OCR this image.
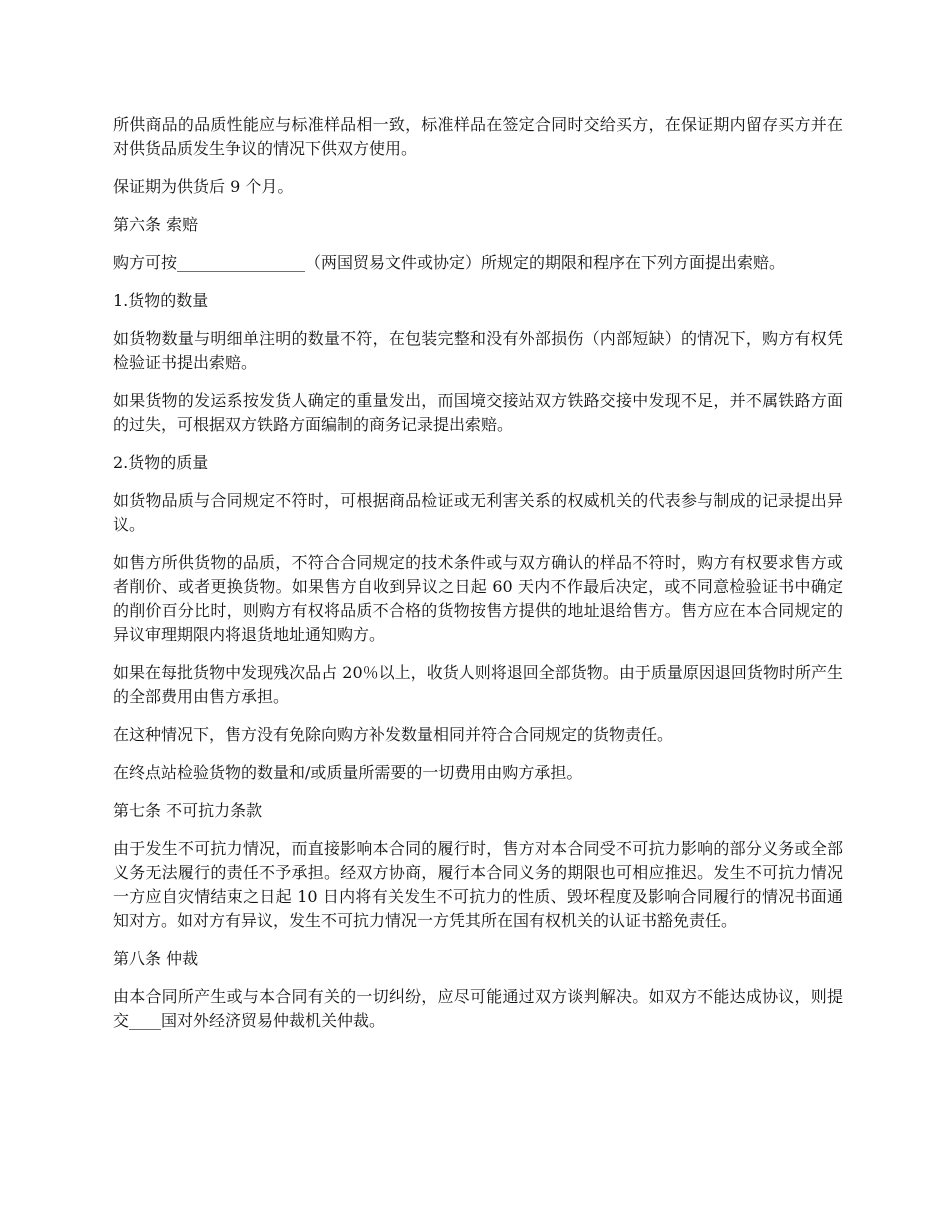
所供商品的品质性能应与标准样品相一致，标准样品在签定合同时交给买方，在保证期内留存买方并在对供货品质发生争议的情况下供双方使用。

保证期为供货后 9 个月。

第六条 索赔

购方可按________________（两国贸易文件或协定）所规定的期限和程序在下列方面提出索赔。

1.货物的数量

如货物数量与明细单注明的数量不符，在包装完整和没有外部损伤（内部短缺）的情况下，购方有权凭检验证书提出索赔。

如果货物的发运系按发货人确定的重量发出，而国境交接站双方铁路交接中发现不足，并不属铁路方面的过失，可根据双方铁路方面编制的商务记录提出索赔。

2.货物的质量

如货物品质与合同规定不符时，可根据商品检证或无利害关系的权威机关的代表参与制成的记录提出异议。

如售方所供货物的品质，不符合合同规定的技术条件或与双方确认的样品不符时，购方有权要求售方或者削价、或者更换货物。如果售方自收到异议之日起 60 天内不作最后决定，或不同意检验证书中确定的削价百分比时，则购方有权将品质不合格的货物按售方提供的地址退给售方。售方应在本合同规定的异议审理期限内将退货地址通知购方。

如果在每批货物中发现残次品占 20％以上，收货人则将退回全部货物。由于质量原因退回货物时所产生的全部费用由售方承担。

在这种情况下，售方没有免除向购方补发数量相同并符合合同规定的货物责任。

在终点站检验货物的数量和/或质量所需要的一切费用由购方承担。

第七条 不可抗力条款

由于发生不可抗力情况，而直接影响本合同的履行时，售方对本合同受不可抗力影响的部分义务或全部义务无法履行的责任不予承担。经双方协商，履行本合同义务的期限也可相应推迟。发生不可抗力情况一方应自灾情结束之日起 10 日内将有关发生不可抗力的性质、毁坏程度及影响合同履行的情况书面通知对方。如对方有异议，发生不可抗力情况一方凭其所在国有权机关的认证书豁免责任。

第八条 仲裁

由本合同所产生或与本合同有关的一切纠纷，应尽可能通过双方谈判解决。如双方不能达成协议，则提交____国对外经济贸易仲裁机关仲裁。
